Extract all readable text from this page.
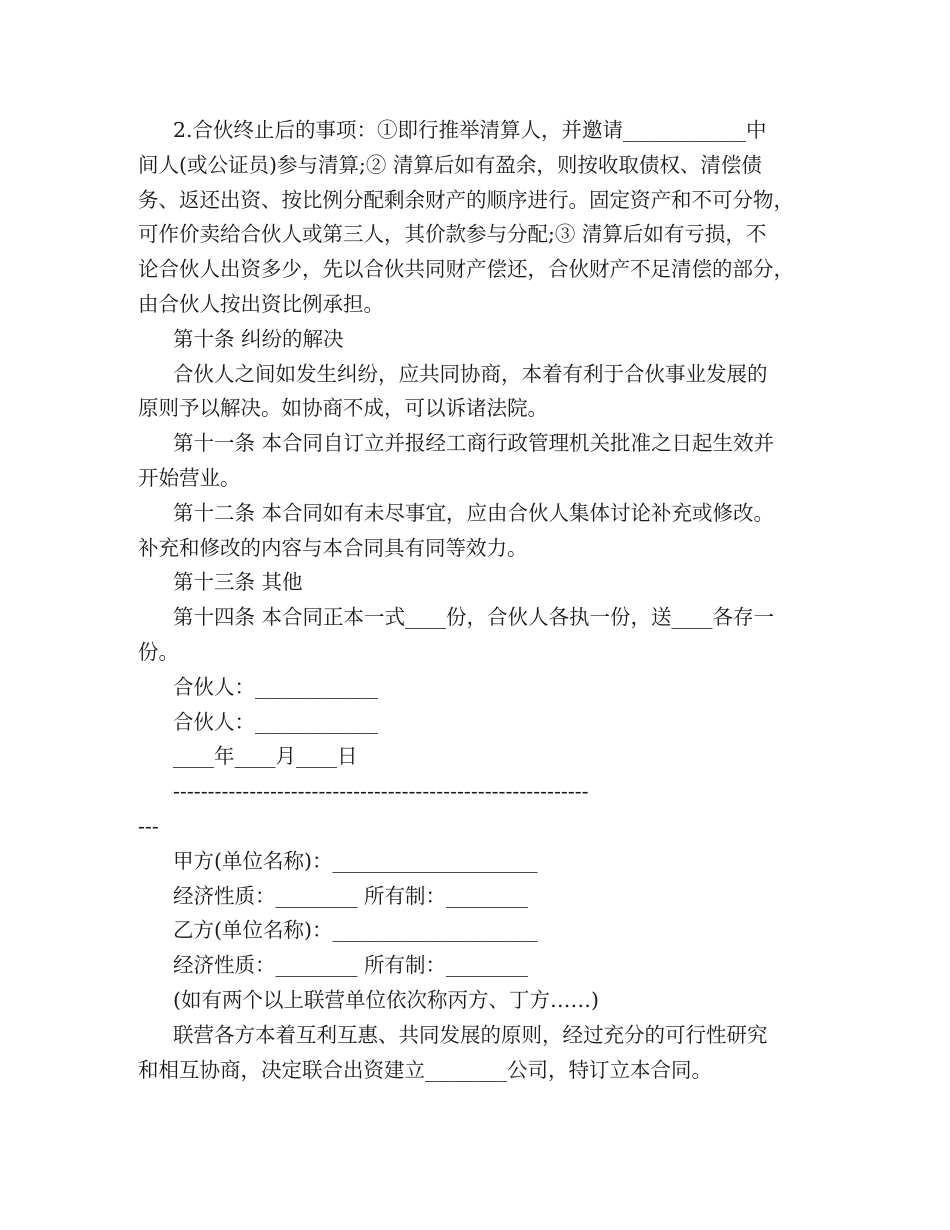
2.合伙终止后的事项：①即行推举清算人，并邀请____________中
间人(或公证员)参与清算;② 清算后如有盈余，则按收取债权、清偿债
务、返还出资、按比例分配剩余财产的顺序进行。固定资产和不可分物，
可作价卖给合伙人或第三人，其价款参与分配;③ 清算后如有亏损，不
论合伙人出资多少，先以合伙共同财产偿还，合伙财产不足清偿的部分，
由合伙人按出资比例承担。
第十条 纠纷的解决
合伙人之间如发生纠纷，应共同协商，本着有利于合伙事业发展的
原则予以解决。如协商不成，可以诉诸法院。
第十一条 本合同自订立并报经工商行政管理机关批准之日起生效并
开始营业。
第十二条 本合同如有未尽事宜，应由合伙人集体讨论补充或修改。
补充和修改的内容与本合同具有同等效力。
第十三条 其他
第十四条 本合同正本一式____份，合伙人各执一份，送____各存一
份。
合伙人：____________
合伙人：____________
____年____月____日
------------------------------------------------------------
---
甲方(单位名称)：____________________
经济性质：________ 所有制：________
乙方(单位名称)：____________________
经济性质：________ 所有制：________
(如有两个以上联营单位依次称丙方、丁方……)
联营各方本着互利互惠、共同发展的原则，经过充分的可行性研究
和相互协商，决定联合出资建立________公司，特订立本合同。
